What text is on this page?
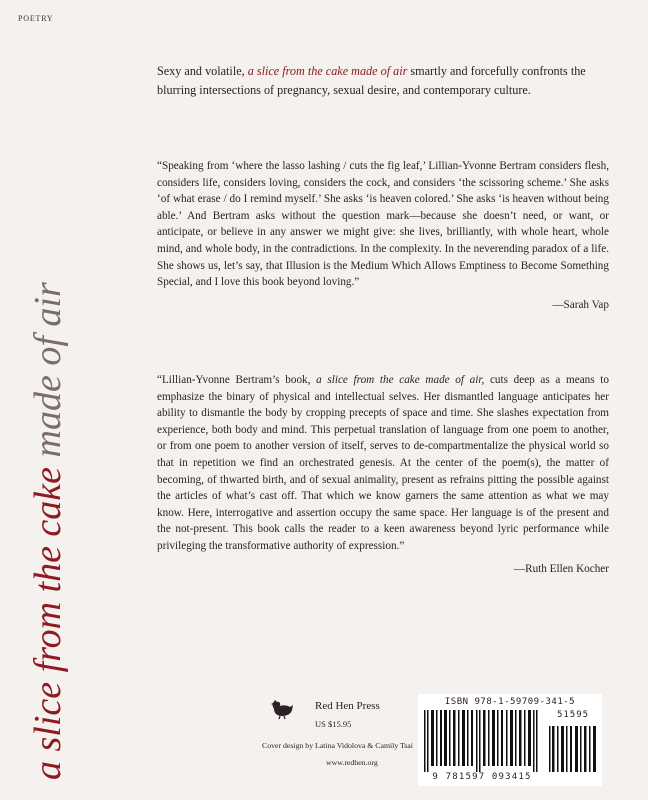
POETRY
a slice from the cake made of air
Sexy and volatile, a slice from the cake made of air smartly and forcefully confronts the blurring intersections of pregnancy, sexual desire, and contemporary culture.
“Speaking from ‘where the lasso lashing / cuts the fig leaf,’ Lillian-Yvonne Bertram considers flesh, considers life, considers loving, considers the cock, and considers ‘the scissoring scheme.’ She asks ‘of what erase / do I remind myself.’ She asks ‘is heaven colored.’ She asks ‘is heaven without being able.’ And Bertram asks without the question mark—because she doesn’t need, or want, or anticipate, or believe in any answer we might give: she lives, brilliantly, with whole heart, whole mind, and whole body, in the contradictions. In the complexity. In the neverending paradox of a life. She shows us, let’s say, that Illusion is the Medium Which Allows Emptiness to Become Something Special, and I love this book beyond loving.”
—Sarah Vap
“Lillian-Yvonne Bertram’s book, a slice from the cake made of air, cuts deep as a means to emphasize the binary of physical and intellectual selves. Her dismantled language anticipates her ability to dismantle the body by cropping precepts of space and time. She slashes expectation from experience, both body and mind. This perpetual translation of language from one poem to another, or from one poem to another version of itself, serves to de-compartmentalize the physical world so that in repetition we find an orchestrated genesis. At the center of the poem(s), the matter of becoming, of thwarted birth, and of sexual animality, present as refrains pitting the possible against the articles of what’s cast off. That which we know garners the same attention as what we may know. Here, interrogative and assertion occupy the same space. Her language is of the present and the not-present. This book calls the reader to a keen awareness beyond lyric performance while privileging the transformative authority of expression.”
—Ruth Ellen Kocher
Red Hen Press
US $15.95
Cover design by Latina Vidolova & Camily Tsai
www.redhen.org
ISBN 978-1-59709-341-5
51595
9 781597 093415
